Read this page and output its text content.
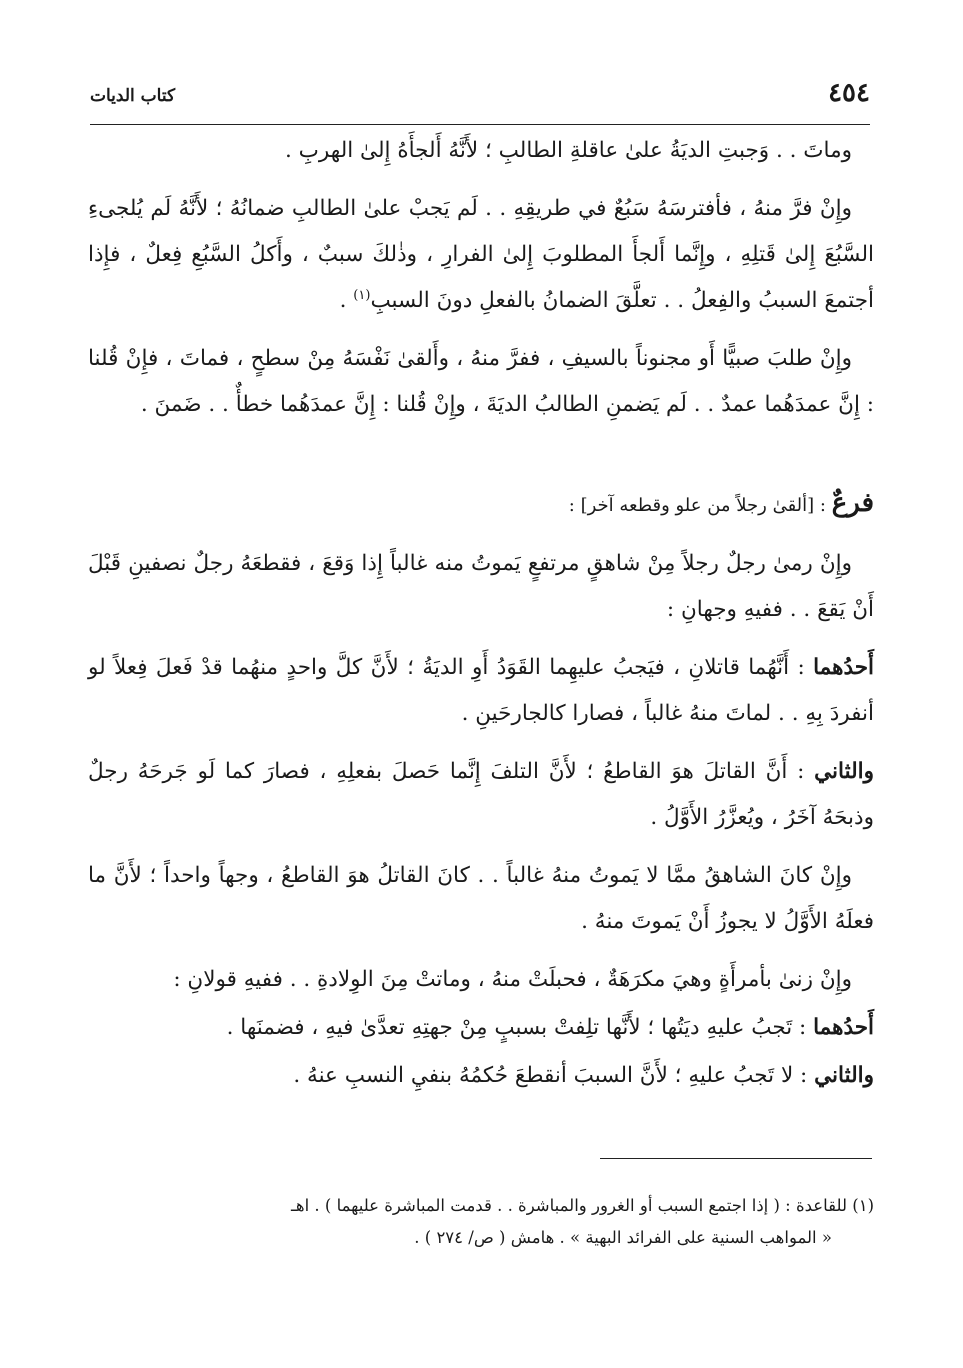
٤٥٤
كتاب الديات

وماتَ . . وَجبتِ الديَةُ علىٰ عاقلةِ الطالبِ ؛ لأَنَّهُ أَلجأَهُ إِلىٰ الهربِ .

وإِنْ فرَّ منهُ ، فأفترسَهُ سَبُعٌ في طريقِهِ . . لَم يَجبْ علىٰ الطالبِ ضمانُهُ ؛ لأَنَّهُ لَم يُلجىءِ السَّبُعَ إِلىٰ قَتلِهِ ، وإِنَّما أَلجأَ المطلوبَ إِلىٰ الفرارِ ، وذٰلكَ سببٌ ، وأَكلُ السَّبُعِ فِعلٌ ، فإِذا أجتمعَ السببُ والفِعلُ . . تعلَّقَ الضمانُ بالفعلِ دونَ السببِ$^{(١)}$ .

وإِنْ طلبَ صبيًّا أَو مجنوناً بالسيفِ ، ففرَّ منهُ ، وأَلقىٰ نَفْسَهُ مِنْ سطحٍ ، فماتَ ، فإِنْ قُلنا : إِنَّ عمدَهُما عمدٌ . . لَم يَضمنِ الطالبُ الديَةَ ، وإِنْ قُلنا : إِنَّ عمدَهُما خطأٌ . . ضَمنَ .

فرعٌ : [ألقىٰ رجلاً من علو وقطعه آخر] :

وإِنْ رمىٰ رجلٌ رجلاً مِنْ شاهقٍ مرتفعٍ يَموتُ منه غالباً إِذا وَقعَ ، فقطعَهُ رجلٌ نصفينِ قَبْلَ أَنْ يَقعَ . . ففيهِ وجهانِ :

أَحدُهما : أَنَّهُما قاتلانِ ، فيَجبُ عليهِما القَوَدُ أَوِ الديَةُ ؛ لأَنَّ كلَّ واحدٍ منهُما قدْ فَعلَ فِعلاً لو أنفردَ بِهِ . . لماتَ منهُ غالباً ، فصارا كالجارحَينِ .

والثاني : أَنَّ القاتلَ هوَ القاطعُ ؛ لأَنَّ التلفَ إِنَّما حَصلَ بفعلِهِ ، فصارَ كما لَو جَرحَهُ رجلٌ وذبحَهُ آخَرُ ، ويُعزَّرُ الأَوَّلُ .

وإِنْ كانَ الشاهقُ ممَّا لا يَموتُ منهُ غالباً . . كانَ القاتلُ هوَ القاطعُ ، وجهاً واحداً ؛ لأَنَّ ما فعلَهُ الأَوَّلُ لا يجوزُ أَنْ يَموتَ منهُ .

وإِنْ زنىٰ بأمرأَةٍ وهيَ مكرَهَةٌ ، فحبلَتْ منهُ ، وماتتْ مِنَ الوِلادةِ . . ففيهِ قولانِ :

أَحدُهما : تَجبُ عليهِ ديَتُها ؛ لأَنَّها تلِفتْ بسببٍ مِنْ جهتِهِ تعدَّىٰ فيهِ ، فضمنَها .

والثاني : لا تَجبُ عليهِ ؛ لأَنَّ السببَ أنقطعَ حُكمُهُ بنفيِ النسبِ عنهُ .

(١) للقاعدة : ( إذا اجتمع السبب أو الغرور والمباشرة . . قدمت المباشرة عليهما ) . اهـ
« المواهب السنية على الفرائد البهية » . هامش ( ص/ ٢٧٤ ) .
